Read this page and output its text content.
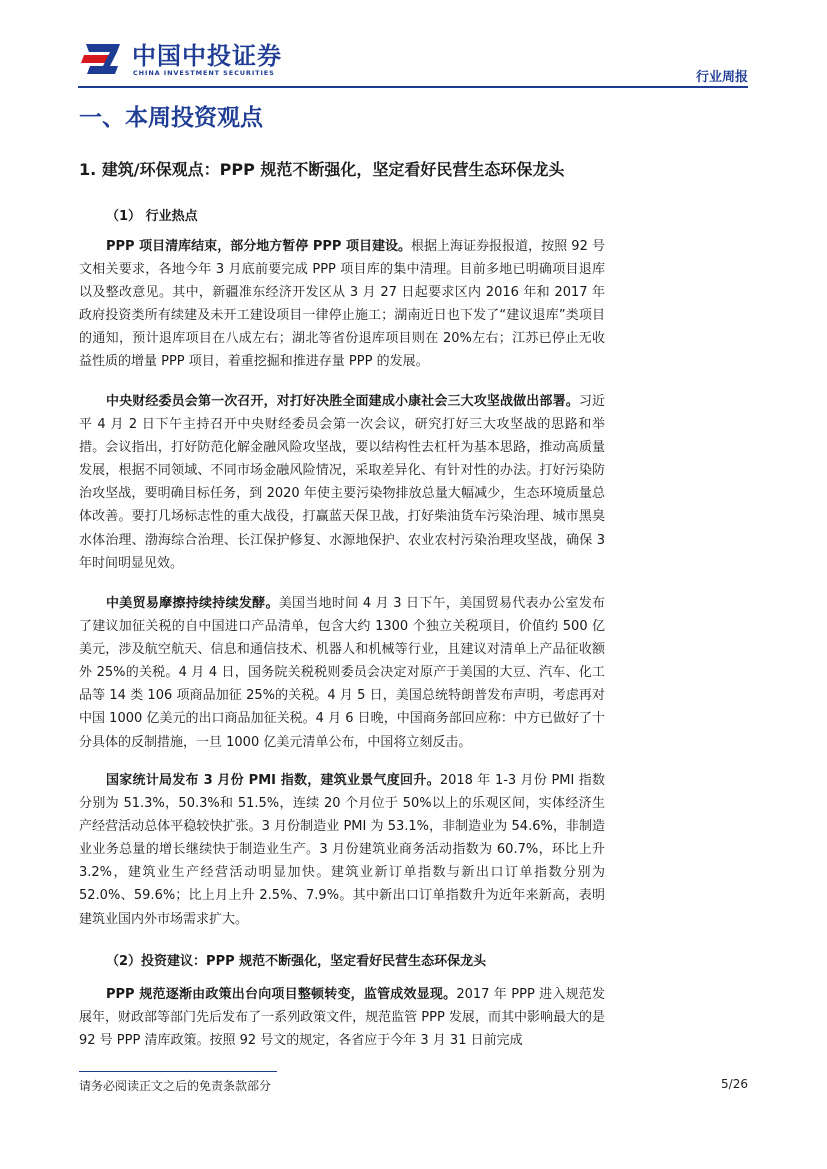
中国中投证券
CHINA INVESTMENT SECURITIES	行业周报
一、本周投资观点
1. 建筑/环保观点：PPP 规范不断强化，坚定看好民营生态环保龙头
（1） 行业热点

PPP 项目清库结束，部分地方暂停 PPP 项目建设。根据上海证券报报道，按照 92 号文相关要求，各地今年 3 月底前要完成 PPP 项目库的集中清理。目前多地已明确项目退库以及整改意见。其中，新疆准东经济开发区从 3 月 27 日起要求区内 2016 年和 2017 年政府投资类所有续建及未开工建设项目一律停止施工；湖南近日也下发了“建议退库”类项目的通知，预计退库项目在八成左右；湖北等省份退库项目则在 20%左右；江苏已停止无收益性质的增量 PPP 项目，着重挖掘和推进存量 PPP 的发展。

中央财经委员会第一次召开，对打好决胜全面建成小康社会三大攻坚战做出部署。习近平 4 月 2 日下午主持召开中央财经委员会第一次会议，研究打好三大攻坚战的思路和举措。会议指出，打好防范化解金融风险攻坚战，要以结构性去杠杆为基本思路，推动高质量发展，根据不同领域、不同市场金融风险情况，采取差异化、有针对性的办法。打好污染防治攻坚战，要明确目标任务，到 2020 年使主要污染物排放总量大幅减少，生态环境质量总体改善。要打几场标志性的重大战役，打赢蓝天保卫战，打好柴油货车污染治理、城市黑臭水体治理、渤海综合治理、长江保护修复、水源地保护、农业农村污染治理攻坚战，确保 3 年时间明显见效。

中美贸易摩擦持续持续发酵。美国当地时间 4 月 3 日下午，美国贸易代表办公室发布了建议加征关税的自中国进口产品清单，包含大约 1300 个独立关税项目，价值约 500 亿美元，涉及航空航天、信息和通信技术、机器人和机械等行业，且建议对清单上产品征收额外 25%的关税。4 月 4 日，国务院关税税则委员会决定对原产于美国的大豆、汽车、化工品等 14 类 106 项商品加征 25%的关税。4 月 5 日，美国总统特朗普发布声明，考虑再对中国 1000 亿美元的出口商品加征关税。4 月 6 日晚，中国商务部回应称：中方已做好了十分具体的反制措施，一旦 1000 亿美元清单公布，中国将立刻反击。

国家统计局发布 3 月份 PMI 指数，建筑业景气度回升。2018 年 1-3 月份 PMI 指数分别为 51.3%，50.3%和 51.5%，连续 20 个月位于 50%以上的乐观区间，实体经济生产经营活动总体平稳较快扩张。3 月份制造业 PMI 为 53.1%，非制造业为 54.6%，非制造业业务总量的增长继续快于制造业生产。3 月份建筑业商务活动指数为 60.7%，环比上升 3.2%，建筑业生产经营活动明显加快。建筑业新订单指数与新出口订单指数分别为 52.0%、59.6%；比上月上升 2.5%、7.9%。其中新出口订单指数升为近年来新高，表明建筑业国内外市场需求扩大。

（2）投资建议：PPP 规范不断强化，坚定看好民营生态环保龙头

PPP 规范逐渐由政策出台向项目整顿转变，监管成效显现。2017 年 PPP 进入规范发展年，财政部等部门先后发布了一系列政策文件，规范监管 PPP 发展，而其中影响最大的是 92 号 PPP 清库政策。按照 92 号文的规定，各省应于今年 3 月 31 日前完成

请务必阅读正文之后的免责条款部分	5/26
